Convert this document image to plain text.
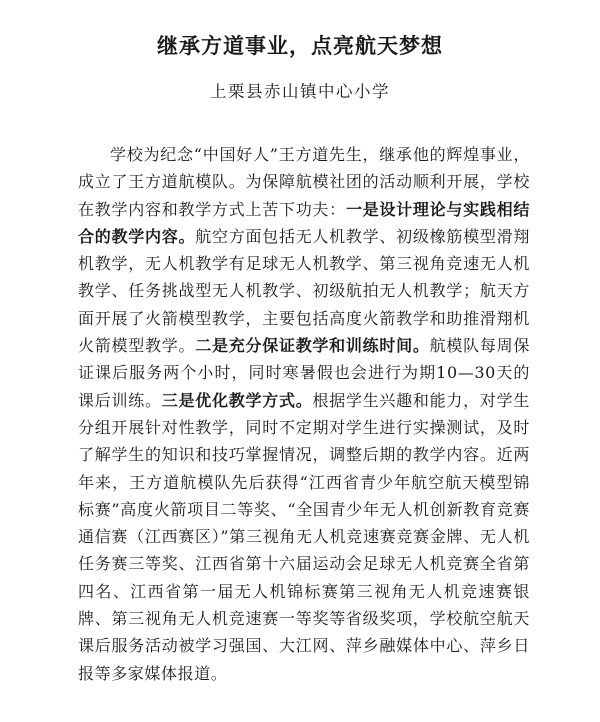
继承方道事业，点亮航天梦想
上栗县赤山镇中心小学

学校为纪念“中国好人”王方道先生，继承他的辉煌事业，成立了王方道航模队。为保障航模社团的活动顺利开展，学校在教学内容和教学方式上苦下功夫：一是设计理论与实践相结合的教学内容。航空方面包括无人机教学、初级橡筋模型滑翔机教学，无人机教学有足球无人机教学、第三视角竞速无人机教学、任务挑战型无人机教学、初级航拍无人机教学；航天方面开展了火箭模型教学，主要包括高度火箭教学和助推滑翔机火箭模型教学。二是充分保证教学和训练时间。航模队每周保证课后服务两个小时，同时寒暑假也会进行为期10—30天的课后训练。三是优化教学方式。根据学生兴趣和能力，对学生分组开展针对性教学，同时不定期对学生进行实操测试，及时了解学生的知识和技巧掌握情况，调整后期的教学内容。近两年来，王方道航模队先后获得“江西省青少年航空航天模型锦标赛”高度火箭项目二等奖、“全国青少年无人机创新教育竞赛通信赛（江西赛区）”第三视角无人机竞速赛竞赛金牌、无人机任务赛三等奖、江西省第十六届运动会足球无人机竞赛全省第四名、江西省第一届无人机锦标赛第三视角无人机竞速赛银牌、第三视角无人机竞速赛一等奖等省级奖项，学校航空航天课后服务活动被学习强国、大江网、萍乡融媒体中心、萍乡日报等多家媒体报道。
